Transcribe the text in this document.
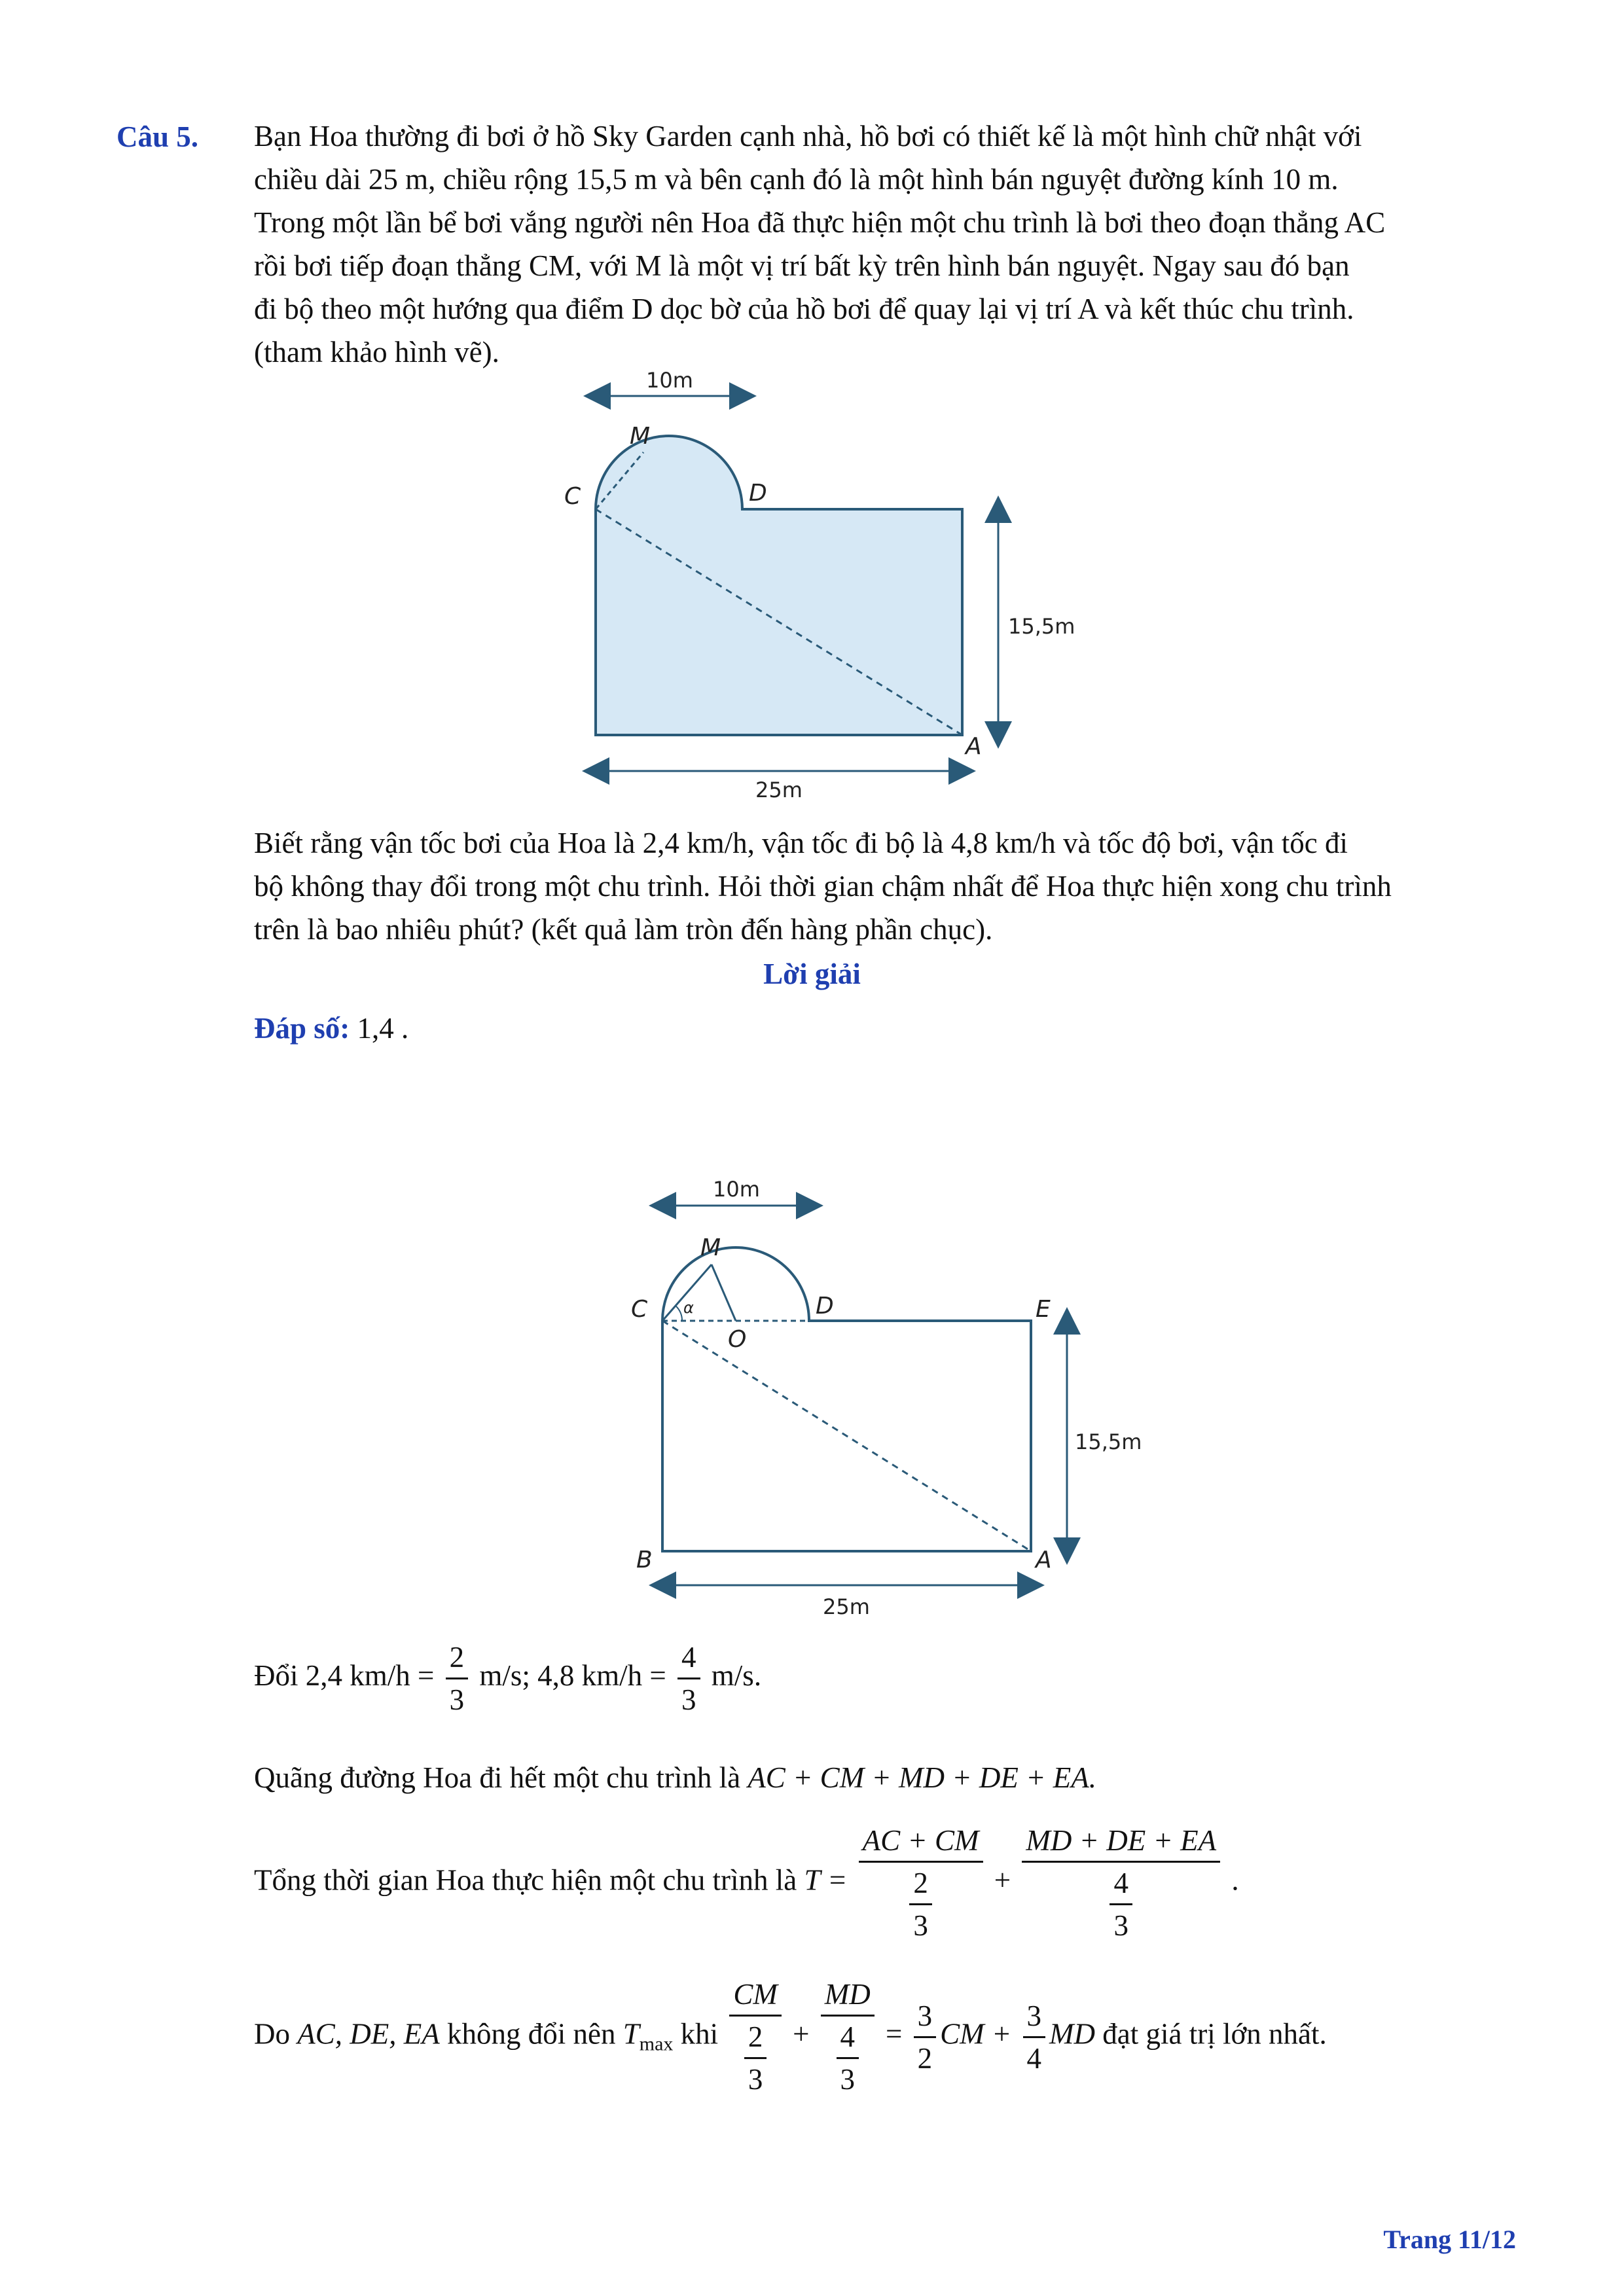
Câu 5. Bạn Hoa thường đi bơi ở hồ Sky Garden cạnh nhà, hồ bơi có thiết kế là một hình chữ nhật với

chiều dài 25 m, chiều rộng 15,5 m và bên cạnh đó là một hình bán nguyệt đường kính 10 m.

Trong một lần bể bơi vắng người nên Hoa đã thực hiện một chu trình là bơi theo đoạn thẳng AC

rồi bơi tiếp đoạn thẳng CM, với M là một vị trí bất kỳ trên hình bán nguyệt. Ngay sau đó bạn

đi bộ theo một hướng qua điểm D dọc bờ của hồ bơi để quay lại vị trí A và kết thúc chu trình.

(tham khảo hình vẽ).

10m
15,5m
25m
M
C	D
A

Biết rằng vận tốc bơi của Hoa là 2,4 km/h, vận tốc đi bộ là 4,8 km/h và tốc độ bơi, vận tốc đi

bộ không thay đổi trong một chu trình. Hỏi thời gian chậm nhất để Hoa thực hiện xong chu trình

trên là bao nhiêu phút? (kết quả làm tròn đến hàng phần chục).

Lời giải
Đáp số: 1,4 .
10m
α
15,5m
25m
M
C	D	E
O
B	A
Đổi 2,4 $km/h = \frac{2}{3} m/s$; 4,8 $km/h = \frac{4}{3} m/s$.
Quãng đường Hoa đi hết một chu trình là AC + CM + MD + DE + EA.
Tổng thời gian Hoa thực hiện một chu trình là $T = \frac{AC + CM}{\frac{2}{3}} + \frac{MD + DE + EA}{\frac{4}{3}}$ .
Do AC, DE, EA không đổi nên $T_{max}$ khi $\frac{CM}{\frac{2}{3}} + \frac{MD}{\frac{4}{3}} = \frac{3}{2}$ CM + $\frac{3}{4}$ MD đạt giá trị lớn nhất.
Trang 11/12
